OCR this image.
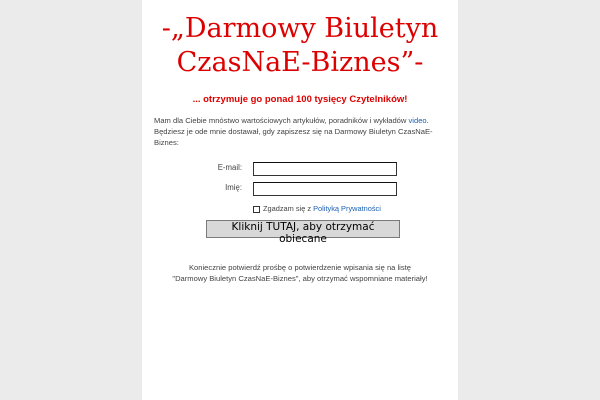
-„Darmowy Biuletyn
CzasNaE-Biznes”-
... otrzymuje go ponad 100 tysięcy Czytelników!
Mam dla Ciebie mnóstwo wartościowych artykułów, poradników i wykładów video. Będziesz je ode mnie dostawał, gdy zapiszesz się na Darmowy Biuletyn CzasNaE-Biznes:
E-mail:
Imię:
Zgadzam się z Polityką Prywatności
Kliknij TUTAJ, aby otrzymać obiecane
Koniecznie potwierdź prośbę o potwierdzenie wpisania się na listę
"Darmowy Biuletyn CzasNaE-Biznes", aby otrzymać wspomniane materiały!
